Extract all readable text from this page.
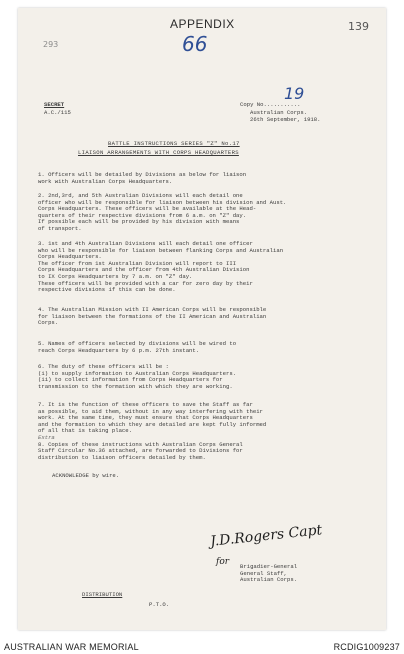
APPENDIX	139
66
293
SECRET
A.C./115
Copy No...........
19
Australian Corps.
26th September, 1918.
BATTLE INSTRUCTIONS SERIES "Z" No.17
LIAISON ARRANGEMENTS WITH CORPS HEADQUARTERS
1. Officers will be detailed by Divisions as below for liaison
work with Australian Corps Headquarters.
2. 2nd,3rd, and 5th Australian Divisions will each detail one
officer who will be responsible for liaison between his division and Aust.
Corps Headquarters. These officers will be available at the Head-
quarters of their respective divisions from 6 a.m. on "Z" day.
If possible each will be provided by his division with means
of transport.
3. 1st and 4th Australian Divisions will each detail one officer
who will be responsible for liaison between flanking Corps and Australian
Corps Headquarters.
The officer from 1st Australian Division will report to III
Corps Headquarters and the officer from 4th Australian Division
to IX Corps Headquarters by 7 a.m. on "Z" day.
These officers will be provided with a car for zero day by their
respective divisions if this can be done.
4. The Australian Mission with II American Corps will be responsible
for liaison between the formations of the II American and Australian
Corps.
5. Names of officers selected by divisions will be wired to
reach Corps Headquarters by 6 p.m. 27th instant.
6. The duty of these officers will be :
(i) to supply information to Australian Corps Headquarters.
(ii) to collect information from Corps Headquarters for
transmission to the formation with which they are working.
7. It is the function of these officers to save the Staff as far
as possible, to aid them, without in any way interfering with their
work. At the same time, they must ensure that Corps Headquarters
and the formation to which they are detailed are kept fully informed
of all that is taking place.
Extra
8. Copies of these instructions with Australian Corps General
Staff Circular No.36 attached, are forwarded to Divisions for
distribution to liaison officers detailed by them.
ACKNOWLEDGE by wire.
J.D.Rogers Capt
for Brigadier-General
General Staff,
Australian Corps.
DISTRIBUTION
P.T.O.
AUSTRALIAN WAR MEMORIAL	RCDIG1009237
